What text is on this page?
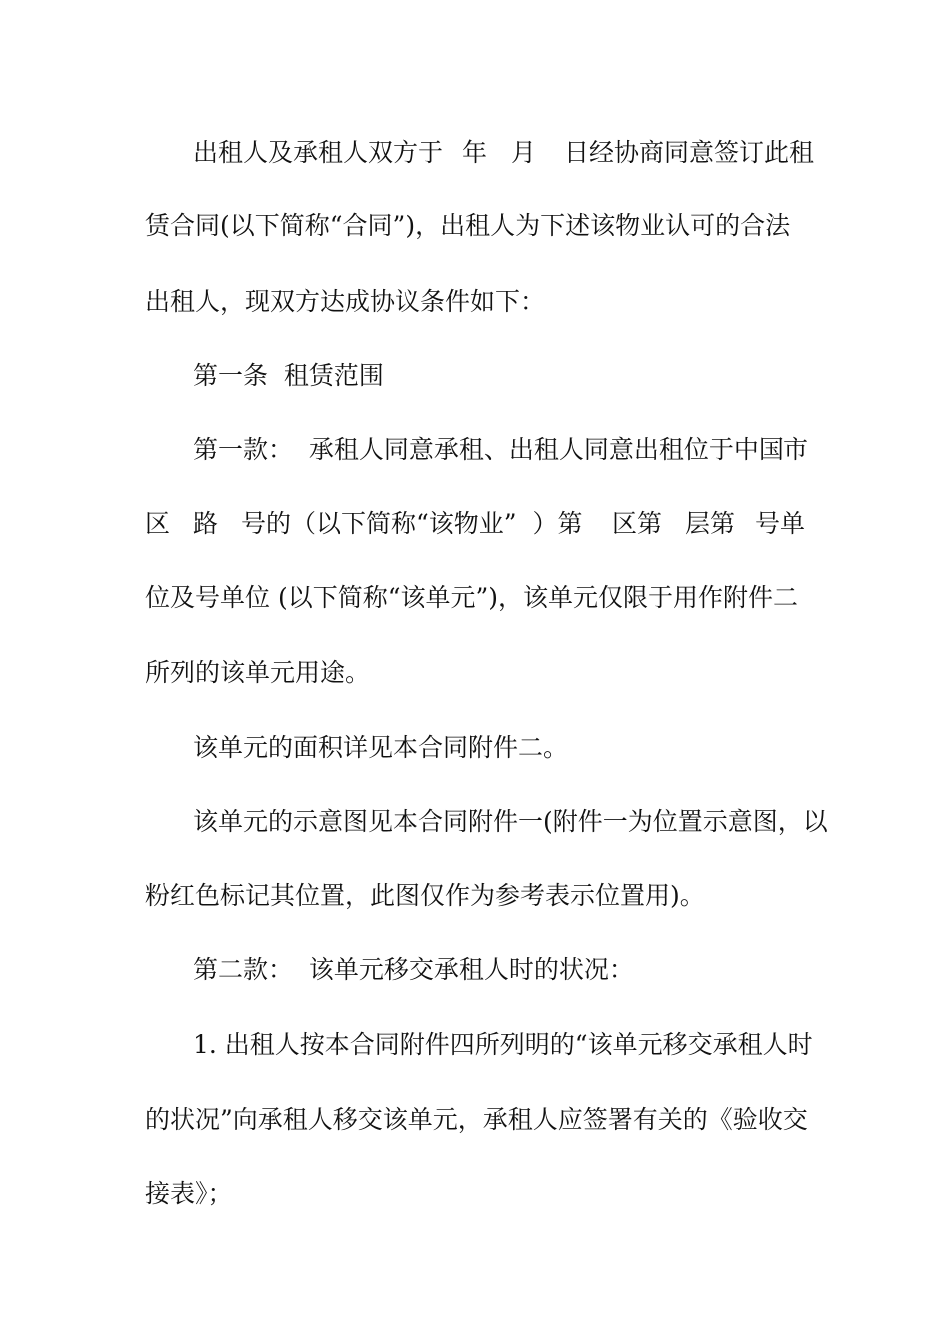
出租人及承租人双方于

年

月

日经协商同意签订此租

赁合同(以下简称“合同”)，出租人为下述该物业认可的合法

出租人，现双方达成协议条件如下：

第一条  租赁范围

第一款：  承租人同意承租、出租人同意出租位于中国

市

区

路

号的（以下简称“该物业”  ）第

区第

层第

号单

位及号单位 (以下简称“该单元”)，该单元仅限于用作附件二

所列的该单元用途。

该单元的面积详见本合同附件二。

该单元的示意图见本合同附件一(附件一为位置示意图，以

粉红色标记其位置，此图仅作为参考表示位置用)。

第二款：  该单元移交承租人时的状况：

1. 出租人按本合同附件四所列明的“该单元移交承租人时

的状况”向承租人移交该单元，承租人应签署有关的《验收交

接表》；
